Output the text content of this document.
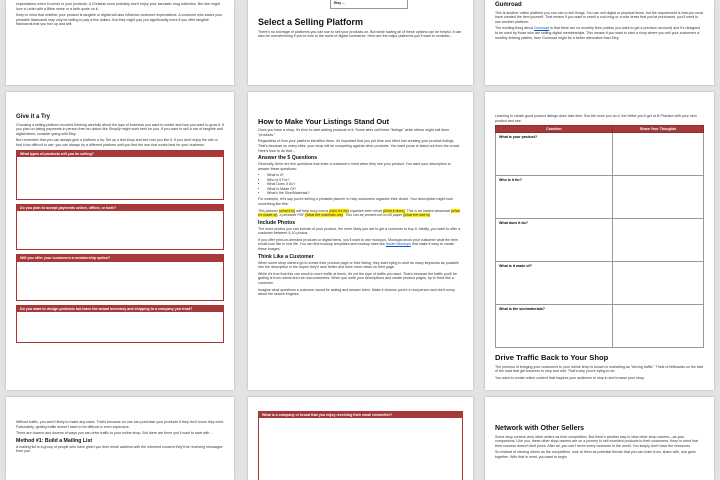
expectations when it comes to your products. A Christian mom probably won't enjoy your sarcastic mug collection. But she might love a t-shirt with a Bible verse or a faith quote on it.

Keep in mind that whether your product is tangible or digital will also influence customer expectations. A customer who saves your printable flashcards may only be willing to pay a few dollars. But they might pay you significantly more if you offer tangible flashcards that you box up and sell.

Etsy ...
Select a Selling Platform

There's no shortage of platforms you can use to sell your products on. But while having all of these options can be helpful, it can also be overwhelming if you're new to the world of digital commerce. Here are the major platforms you'll want to consider...

Gumroad

This is another online platform you can use to sell things. You can sell digital or physical items, but the requirement is that you must have created the item yourself. That means if you want to resell a cool mug or a cute dress that you've purchased, you'll need to use another platform.

The exciting thing about Gumroad is that there are no monthly fees (unless you want to get a premium account) and it's designed to be used by those who are selling digital memberships. This means if you want to start a shop where you sell your customers a monthly knitting pattern, then Gumroad might be a better alternative than Etsy.

Give it a Try

Choosing a selling platform involves thinking carefully about the type of business you want to create and how you want to grow it. If you plan on taking payments in person then an option like Shopify might work best for you. If you want to sell a mix of tangible and digital items, consider going with Etsy.

But remember that you can always give a platform a try. Set up a test shop and see how you like it. If you don't enjoy the site or find it too difficult to use, you can always try a different platform until you find the one that works best for your business.

What types of products will you be selling?
Do you plan to accept payments online, offline, or both?
Will you offer your customers a membership option?
Do you want to design products but leave the actual inventory and shipping to a company you trust?
How to Make Your Listings Stand Out

Once you have a shop, it's time to start adding products to it. Some sites call these "listings" while others might call them "products."

Regardless of how your platform identifies them, it's important that you put time and effort into creating your product listings. That's because on many sites, your shop will be competing against other products. You want yours to stand out from the crowd. Here's how to do that...

Answer the 5 Questions

Generally, there are five questions that enter a customer's mind when they see your product. You want your description to answer these questions:

• What is it?
• Who Is It For?
• What Does It Do?
• What Is Made Of?
• What's the Size/Materials?

For example, let's say you're selling a printable planner to help customers organize their closet. Your description might look something like this:

This planner (what it is) will help busy moms (who it's for) organize their closet (what it does). This is an instant download (what it's made of), a printable PDF (what the materials are). This can be printed out on A5 paper (what the size is).

Include Photos

The more photos you can include of your product, the more likely you are to get a customer to buy it. Ideally, you want to offer a customer between 5-10 photos.

If you offer print-on-demand products or digital items, you'll want to use mockups. Mockups show your customer what the item would look like in real life. You can find mockup templates and mockup sites like Smart Mockups that make it easy to create these images.

Think Like a Customer

When some shop owners go to create their product page or their listing, they start trying to stuff as many keywords as possible into the description in the hopes they'll rank better and have more views on their page.

While it's true that this can result in more traffic at times, it's not the type of traffic you want. That's because the traffic you'll be getting is from robots and not real customers. When you write your descriptions and create product pages, try to think like a customer.

Imagine what questions a customer would be asking and answer them. Make it obvious you're a real person and don't worry about the search engines.

Learning to create good product listings does take time. But the more you do it, the better you'll get at it! Practice with your next product and see.

Consider	Share Your Thoughts
What is your product?	
Who is it for?	
What does it do?	
What is it made of?	
What is the size/materials?	
Drive Traffic Back to Your Shop

The process of bringing your customers to your online shop is known in marketing as "driving traffic." Think of billboards on the side of the road that get travelers to stop and visit. That's why you're trying to do.

You want to create online content that inspires your audience to stop in and browse your shop.

Without traffic, you aren't likely to make any sales. That's because no one can purchase your products if they don't know they exist. Fortunately, getting traffic doesn't have to be difficult or even expensive.

There are dozens and dozens of ways you can drive traffic to your online shop. But there are three you'll want to start with ...

Method #1: Build a Mailing List

A mailing list is a group of people who have given you their email address with the informed consent they'll be receiving messages from you.

What is a company or brand that you enjoy receiving their email newsletter?
Network with Other Sellers

Some shop owners view other sellers as their competition. But there's another way to view other shop owners—as your companions. Like you, these other shop owners are on a journey to sell excellent products to their customers. Keep in mind that their success doesn't limit yours. After all, you can't serve every customer in the world. You simply don't have the resources.

So instead of viewing others as the competition, look at them as potential friends that you can learn from, share with, and grow together. With that in mind, you want to begin
